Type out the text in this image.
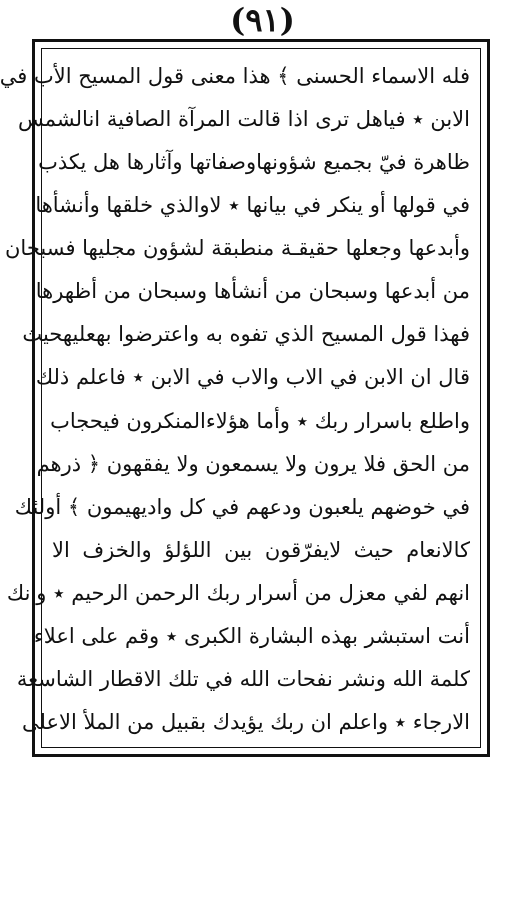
(٩١)
فله الاسماء الحسنى ﴾ هذا معنى قول المسيح الأب في
الابن ٭ فياهل ترى اذا قالت المرآة الصافية انالشمس
ظاهرة فيّ بجميع شؤونهاوصفاتها وآثارها هل يكذب
في قولها أو ينكر في بيانها ٭ لاوالذي خلقها وأنشأها
وأبدعها وجعلها حقيقـة منطبقة لشؤون مجليها فسبحان
من أبدعها وسبحان من أنشأها وسبحان من أظهرها
فهذا قول المسيح الذي تفوه به واعترضوا بهعليهحيث
قال ان الابن في الاب والاب في الابن ٭ فاعلم ذلك
واطلع باسرار ربك ٭ وأما هؤلاءالمنكرون فيحجاب
من الحق فلا يرون ولا يسمعون ولا يفقهون ﴿ ذرهم
في خوضهم يلعبون ودعهم في كل واديهيمون ﴾ أولئك
كالانعام حيث لايفرّقون بين اللؤلؤ والخزف الا
انهم لفي معزل من أسرار ربك الرحمن الرحيم ٭ وانك
أنت استبشر بهذه البشارة الكبرى ٭ وقم على اعلاء
كلمة الله ونشر نفحات الله في تلك الاقطار الشاسعة
الارجاء ٭ واعلم ان ربك يؤيدك بقبيل من الملأ الاعلى
